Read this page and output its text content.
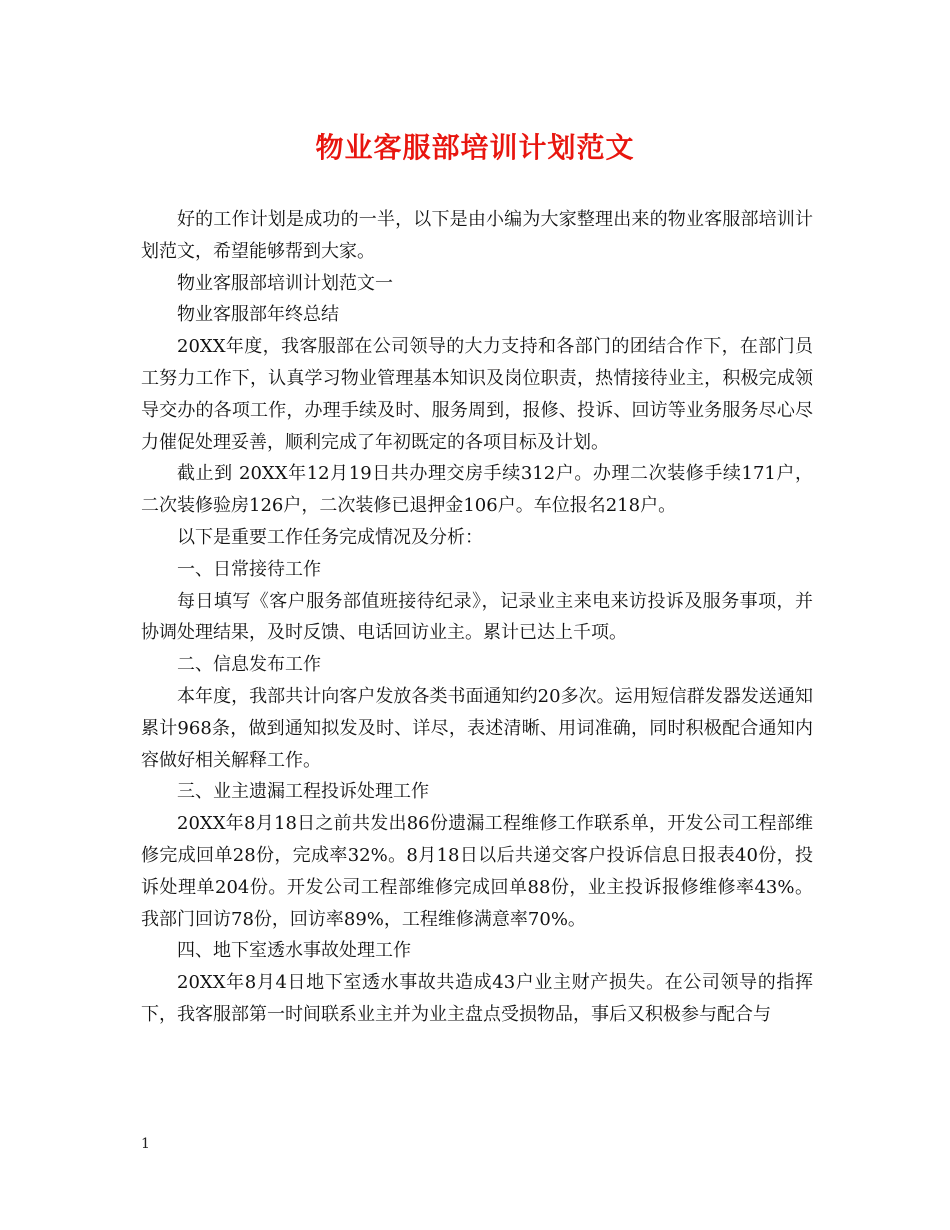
物业客服部培训计划范文

好的工作计划是成功的一半，以下是由小编为大家整理出来的物业客服部培训计划范文，希望能够帮到大家。

物业客服部培训计划范文一

物业客服部年终总结

20XX年度，我客服部在公司领导的大力支持和各部门的团结合作下，在部门员工努力工作下，认真学习物业管理基本知识及岗位职责，热情接待业主，积极完成领导交办的各项工作，办理手续及时、服务周到，报修、投诉、回访等业务服务尽心尽力催促处理妥善，顺利完成了年初既定的各项目标及计划。

截止到 20XX年12月19日共办理交房手续312户。办理二次装修手续171户，二次装修验房126户，二次装修已退押金106户。车位报名218户。

以下是重要工作任务完成情况及分析：

一、日常接待工作

每日填写《客户服务部值班接待纪录》，记录业主来电来访投诉及服务事项，并协调处理结果，及时反馈、电话回访业主。累计已达上千项。

二、信息发布工作

本年度，我部共计向客户发放各类书面通知约20多次。运用短信群发器发送通知累计968条，做到通知拟发及时、详尽，表述清晰、用词准确，同时积极配合通知内容做好相关解释工作。

三、业主遗漏工程投诉处理工作

20XX年8月18日之前共发出86份遗漏工程维修工作联系单，开发公司工程部维修完成回单28份，完成率32%。8月18日以后共递交客户投诉信息日报表40份，投诉处理单204份。开发公司工程部维修完成回单88份，业主投诉报修维修率43%。我部门回访78份，回访率89%，工程维修满意率70%。

四、地下室透水事故处理工作

20XX年8月4日地下室透水事故共造成43户业主财产损失。在公司领导的指挥下，我客服部第一时间联系业主并为业主盘点受损物品，事后又积极参与配合与

1
